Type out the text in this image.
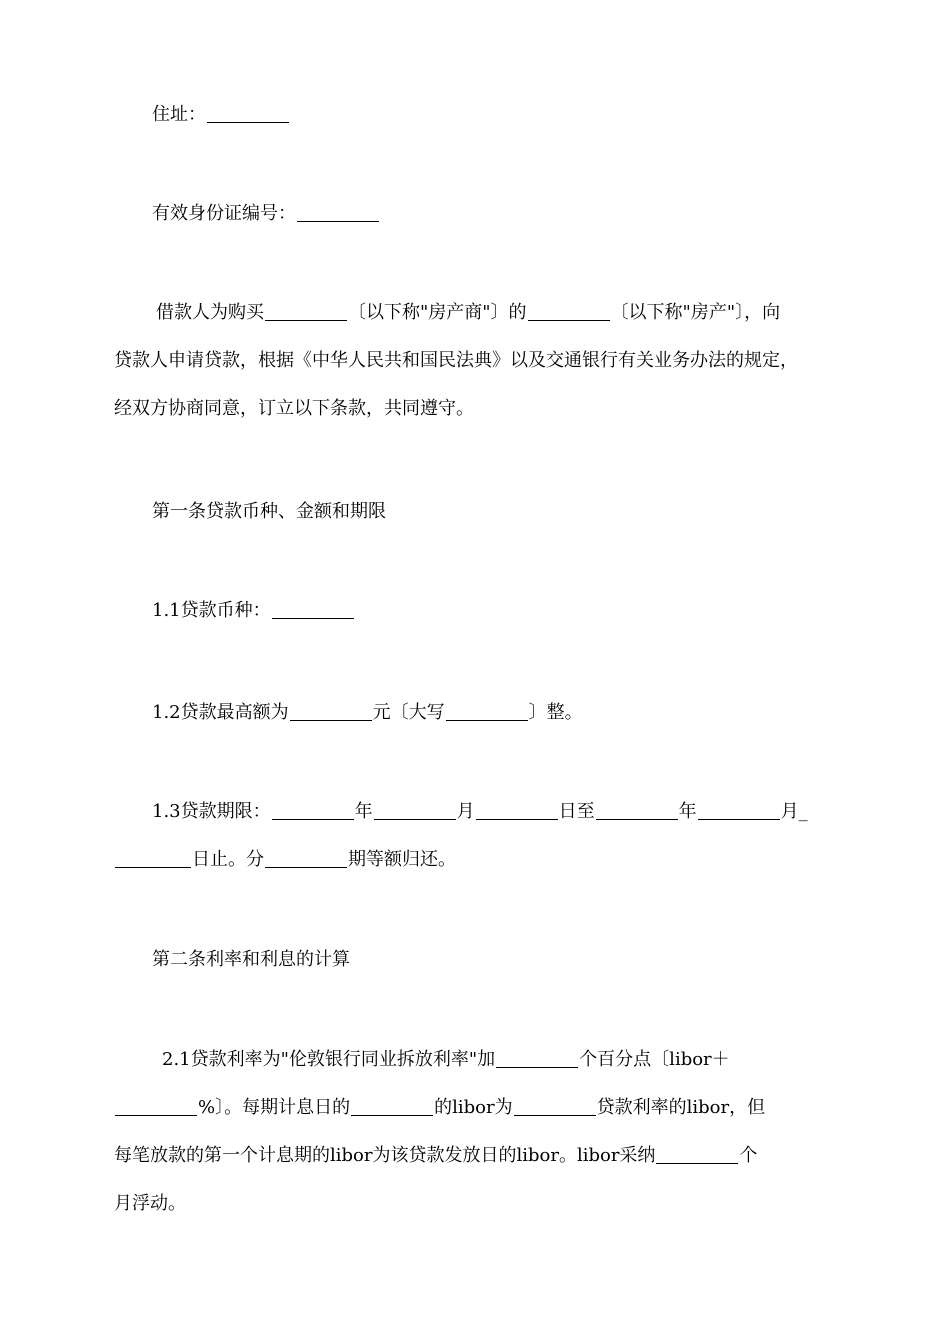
住址：

有效身份证编号：

借款人为购买	〔以下称"房产商"〕的	〔以下称"房产"〕，向
贷款人申请贷款，根据《中华人民共和国民法典》以及交通银行有关业务办法的规定，
经双方协商同意，订立以下条款，共同遵守。

第一条贷款币种、金额和期限

1.1贷款币种：

1.2贷款最高额为	元〔大写	〕整。

1.3贷款期限：	年	月	日至	年	月_
日止。分	期等额归还。

第二条利率和利息的计算

2.1贷款利率为"伦敦银行同业拆放利率"加	个百分点〔libor＋
%〕。每期计息日的	的libor为	贷款利率的libor，但
每笔放款的第一个计息期的libor为该贷款发放日的libor。libor采纳	个
月浮动。
